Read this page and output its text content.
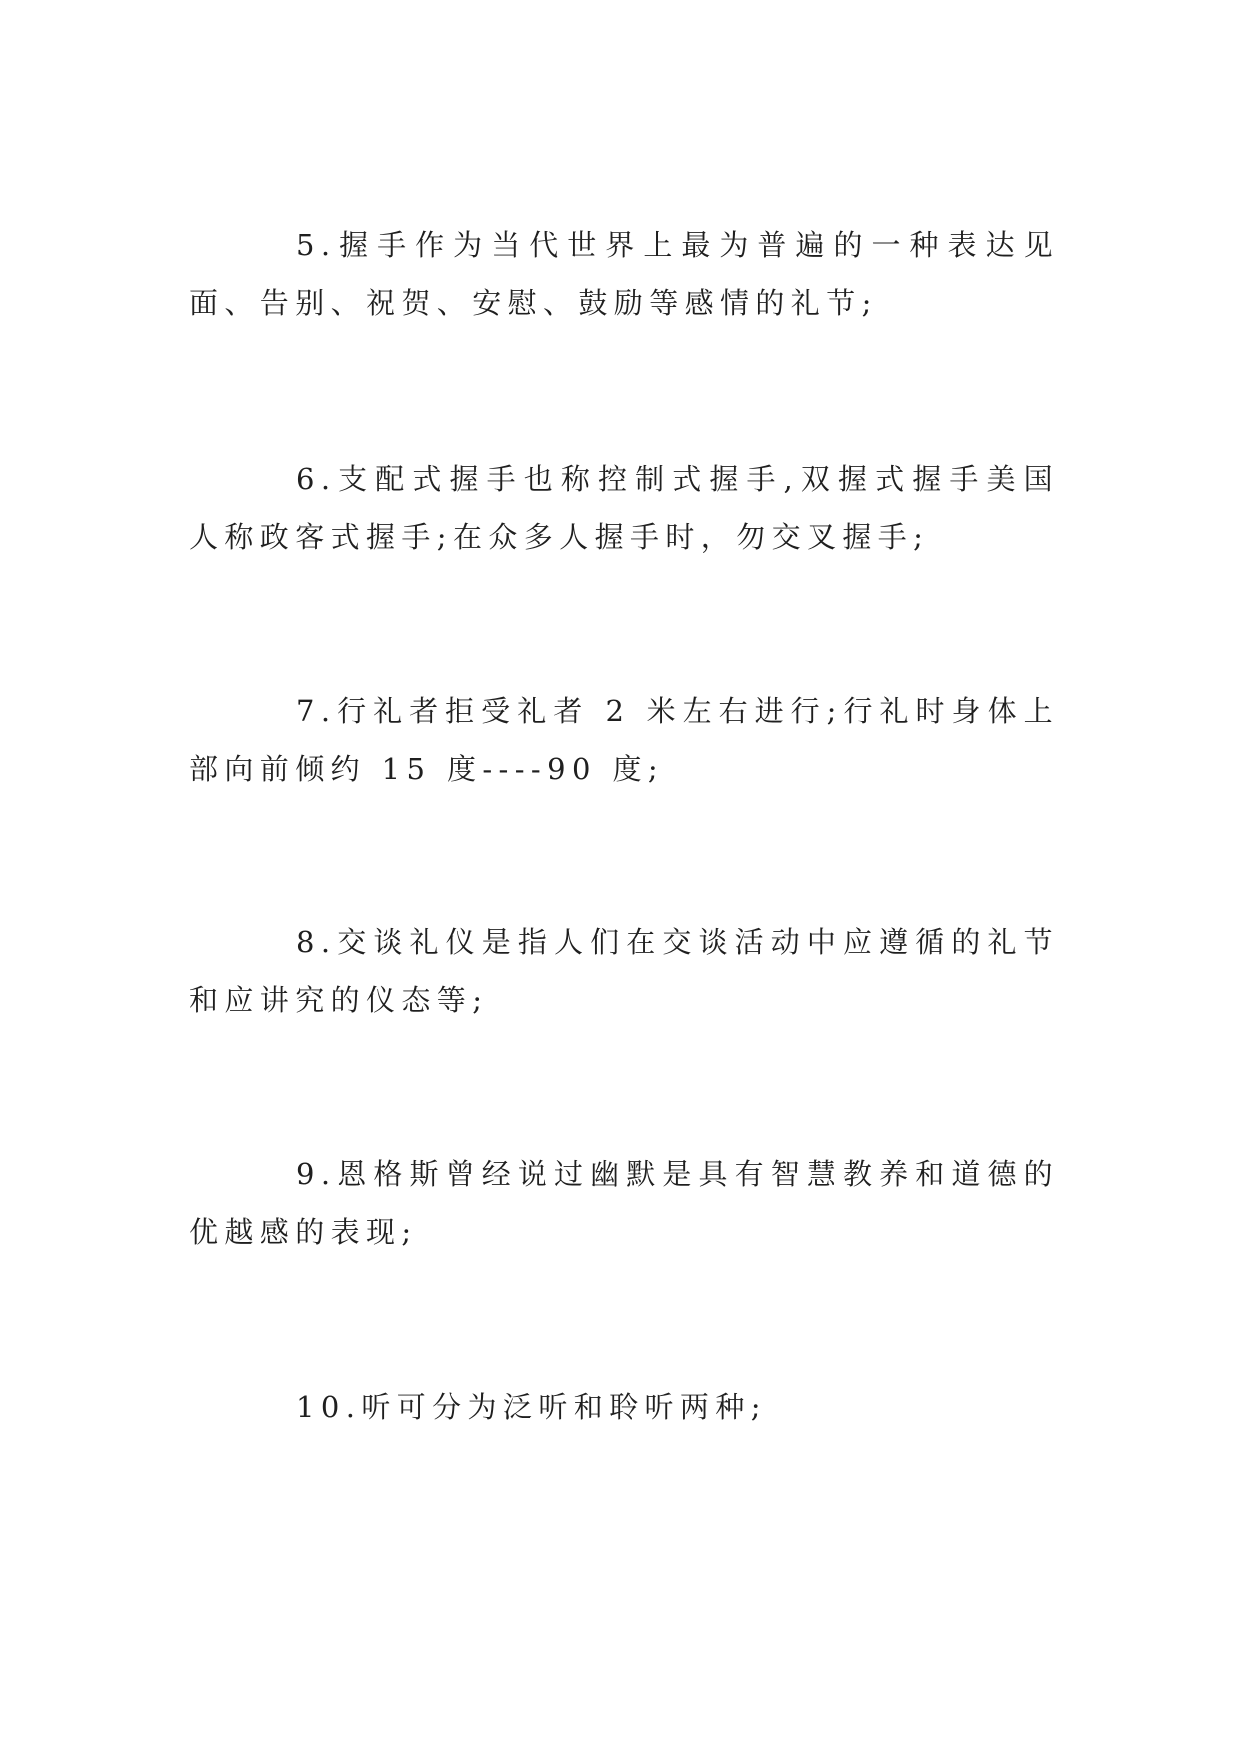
5.握手作为当代世界上最为普遍的一种表达见面、告别、祝贺、安慰、鼓励等感情的礼节;

6.支配式握手也称控制式握手,双握式握手美国人称政客式握手;在众多人握手时，勿交叉握手;

7.行礼者拒受礼者 2 米左右进行;行礼时身体上部向前倾约 15 度----90 度;

8.交谈礼仪是指人们在交谈活动中应遵循的礼节和应讲究的仪态等;

9.恩格斯曾经说过幽默是具有智慧教养和道德的优越感的表现;

10.听可分为泛听和聆听两种;
